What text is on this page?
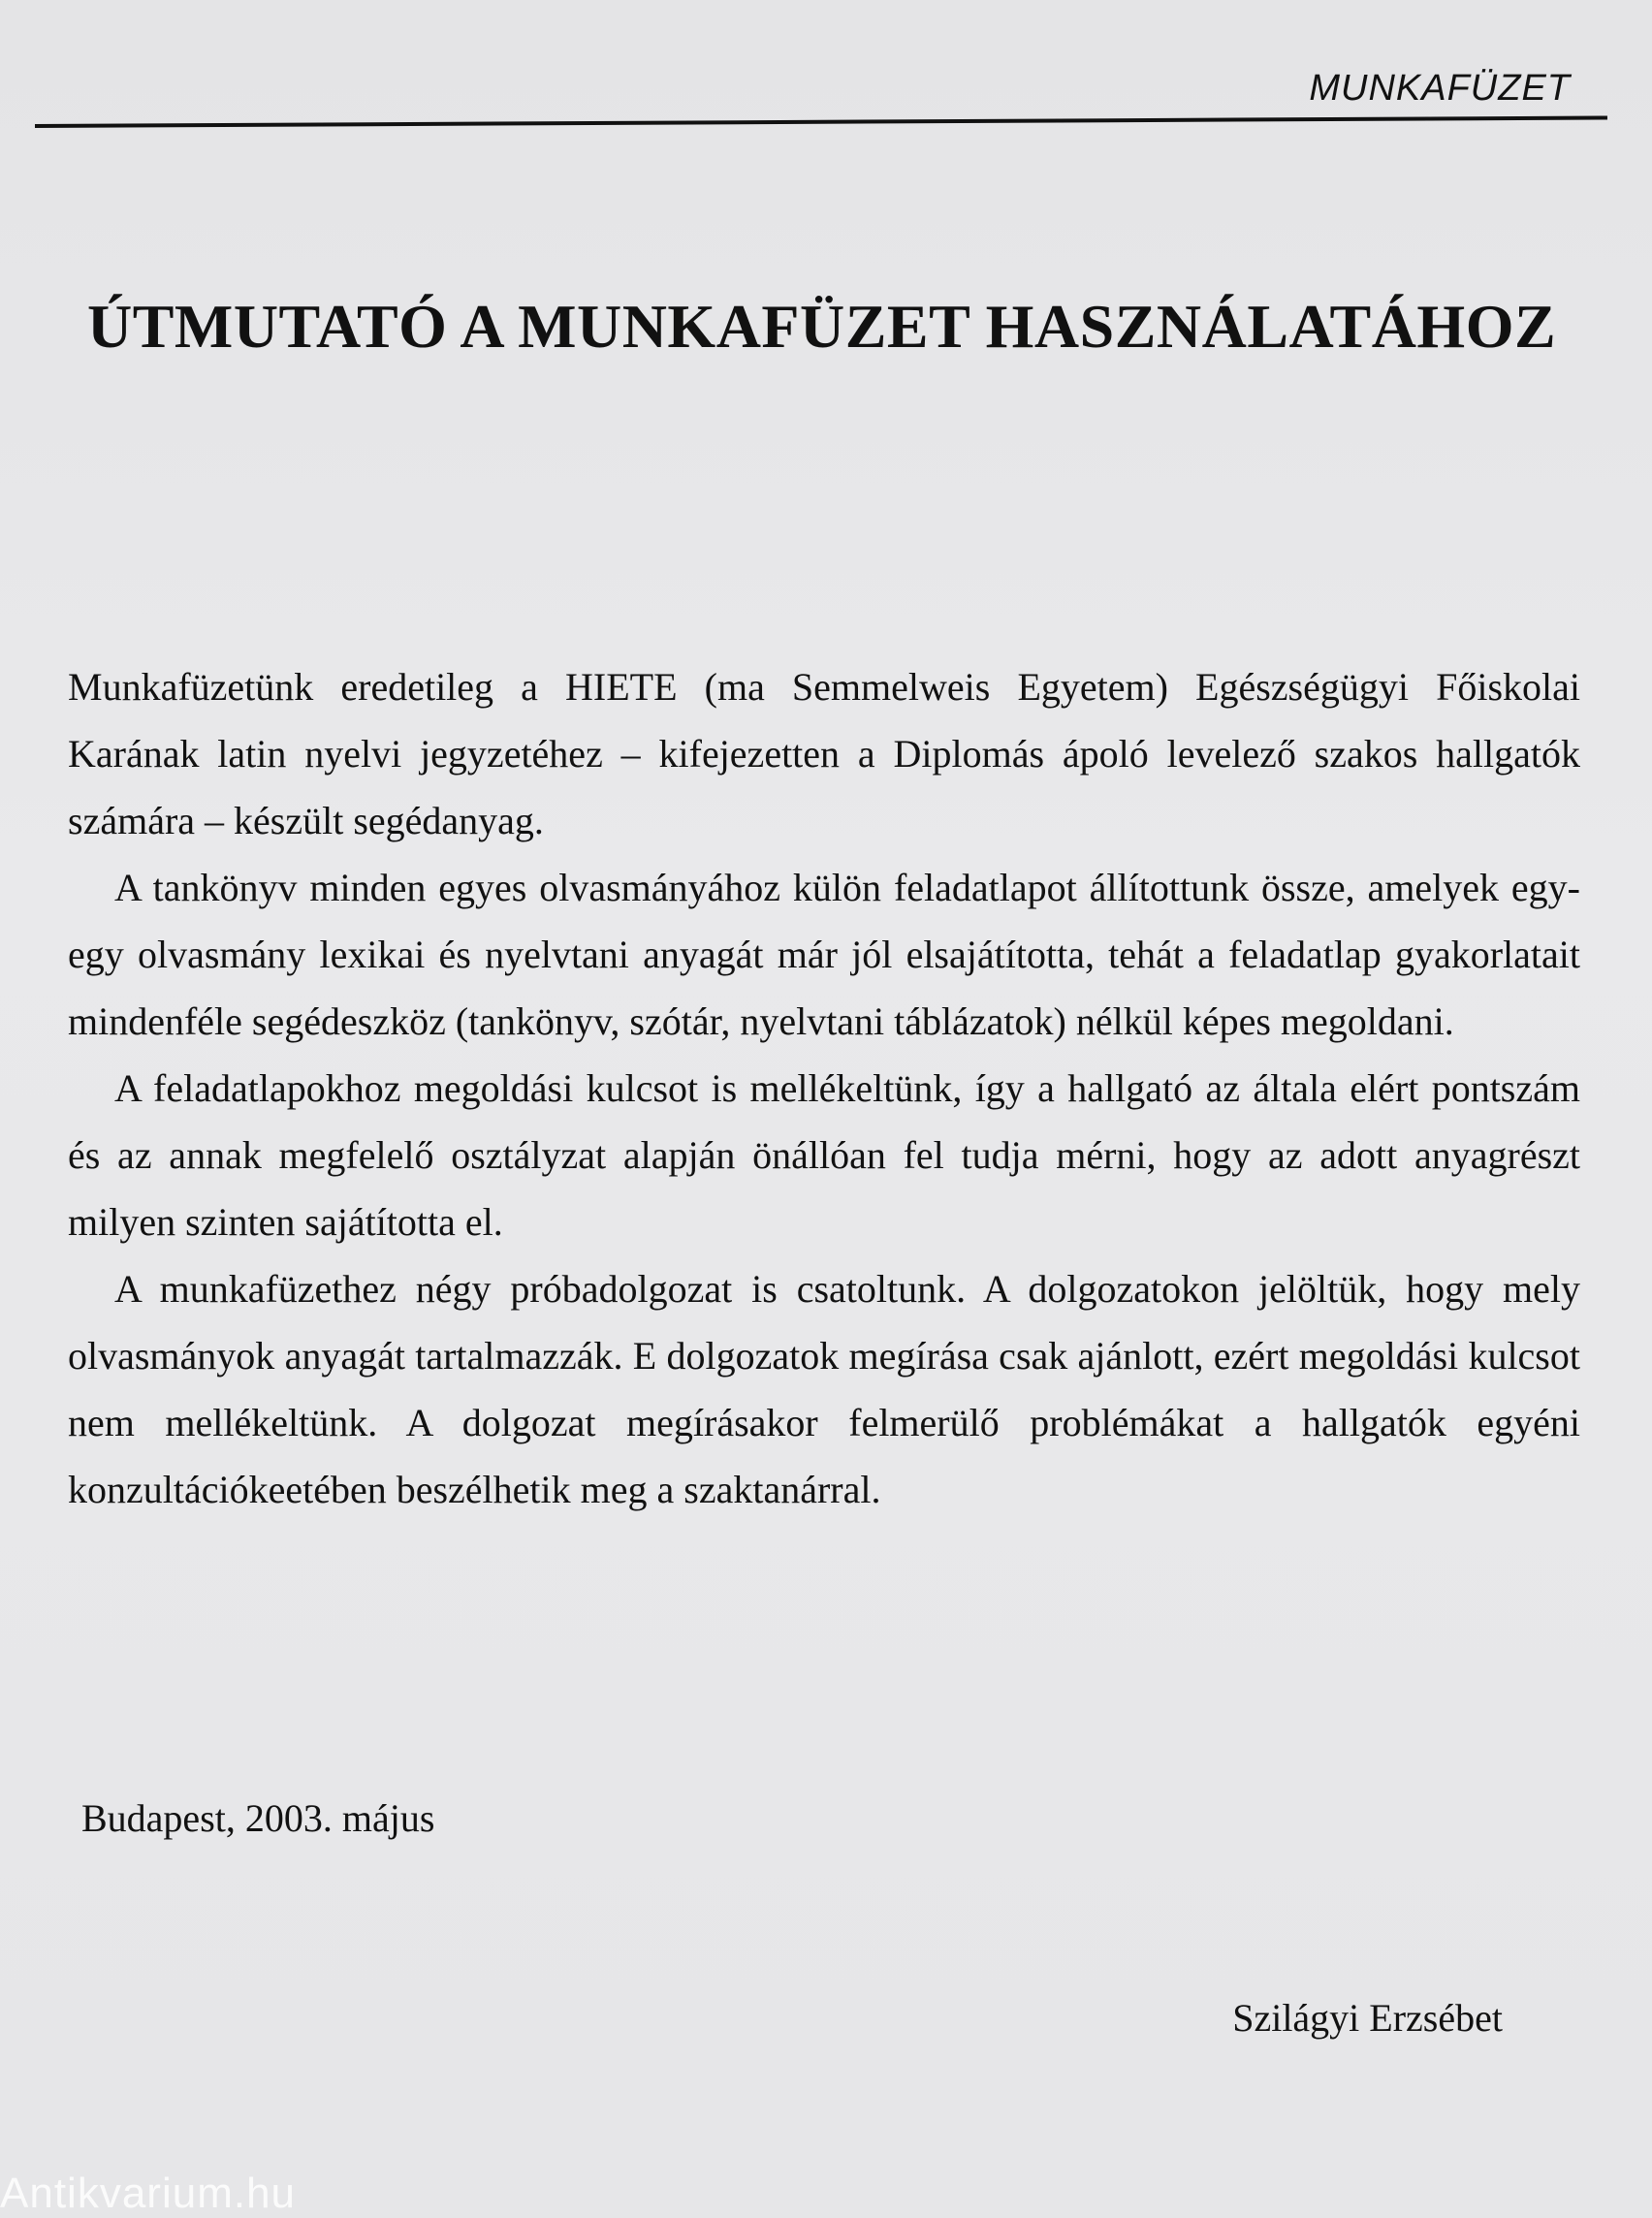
MUNKAFÜZET
ÚTMUTATÓ A MUNKAFÜZET HASZNÁLATÁHOZ

Munkafüzetünk eredetileg a HIETE (ma Semmelweis Egyetem) Egészségügyi Főiskolai Karának latin nyelvi jegyzetéhez – kifejezetten a Diplomás ápoló levelező szakos hallgatók számára – készült segédanyag.

A tankönyv minden egyes olvasmányához külön feladatlapot állítottunk össze, amelyek egy-egy olvasmány lexikai és nyelvtani anyagát már jól elsajátította, tehát a feladatlap gyakorlatait mindenféle segédeszköz (tankönyv, szótár, nyelvtani táblázatok) nélkül képes megoldani.

A feladatlapokhoz megoldási kulcsot is mellékeltünk, így a hallgató az általa elért pontszám és az annak megfelelő osztályzat alapján önállóan fel tudja mérni, hogy az adott anyagrészt milyen szinten sajátította el.

A munkafüzethez négy próbadolgozat is csatoltunk. A dolgozatokon jelöltük, hogy mely olvasmányok anyagát tartalmazzák. E dolgozatok megírása csak ajánlott, ezért megoldási kulcsot nem mellékeltünk. A dolgozat megírásakor felmerülő problémákat a hallgatók egyéni konzultációkeetében beszélhetik meg a szaktanárral.

Budapest, 2003. május
Szilágyi Erzsébet
Antikvarium.hu
